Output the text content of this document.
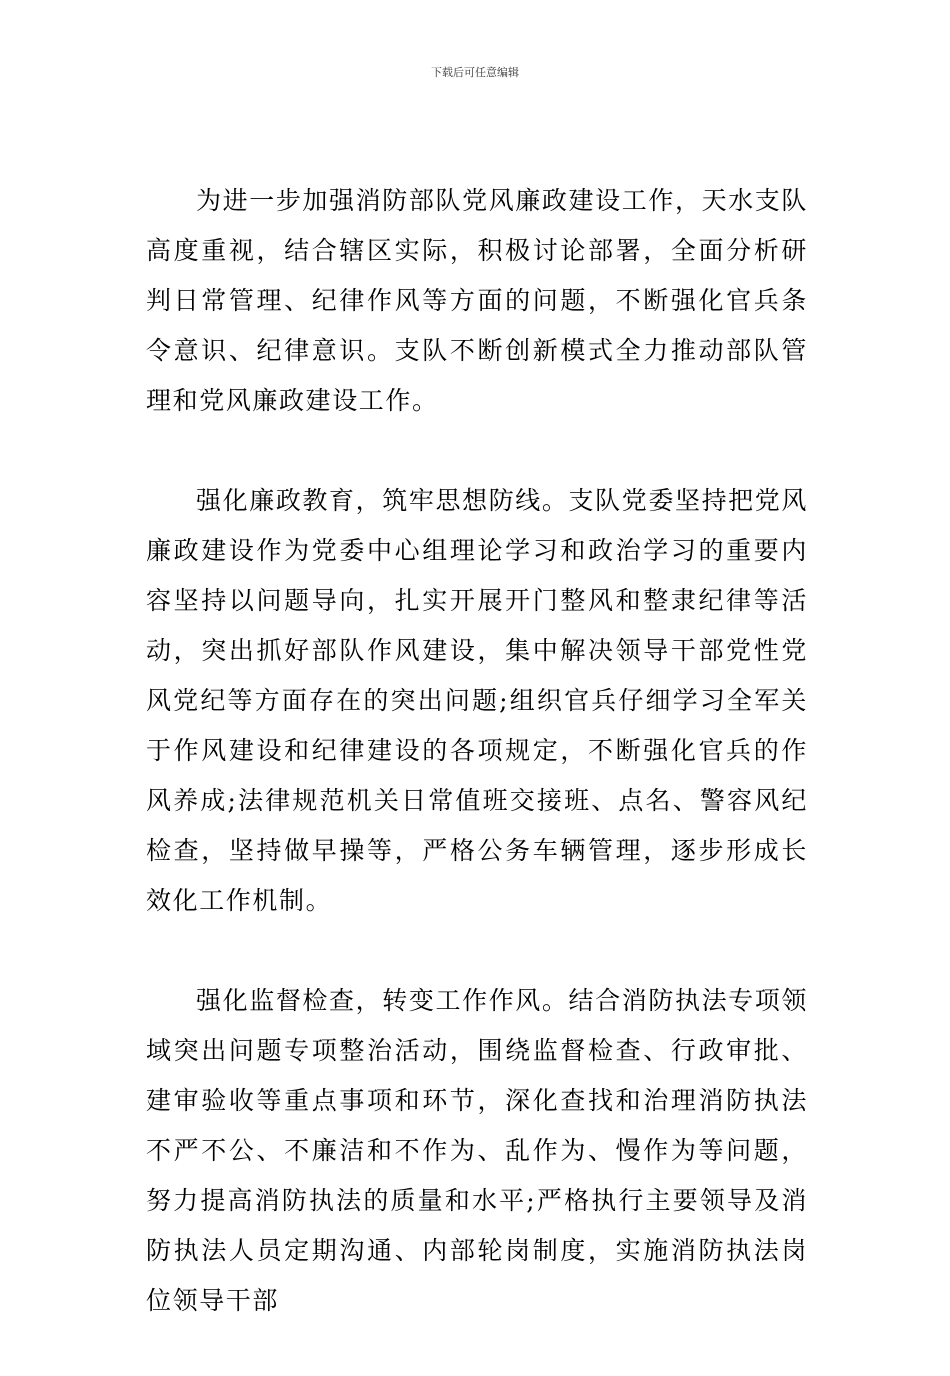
下载后可任意编辑

为进一步加强消防部队党风廉政建设工作，天水支队高度重视，结合辖区实际，积极讨论部署，全面分析研判日常管理、纪律作风等方面的问题，不断强化官兵条令意识、纪律意识。支队不断创新模式全力推动部队管理和党风廉政建设工作。

强化廉政教育，筑牢思想防线。支队党委坚持把党风廉政建设作为党委中心组理论学习和政治学习的重要内容坚持以问题导向，扎实开展开门整风和整隶纪律等活动，突出抓好部队作风建设，集中解决领导干部党性党风党纪等方面存在的突出问题;组织官兵仔细学习全军关于作风建设和纪律建设的各项规定，不断强化官兵的作风养成;法律规范机关日常值班交接班、点名、警容风纪检查，坚持做早操等，严格公务车辆管理，逐步形成长效化工作机制。

强化监督检查，转变工作作风。结合消防执法专项领域突出问题专项整治活动，围绕监督检查、行政审批、建审验收等重点事项和环节，深化查找和治理消防执法不严不公、不廉洁和不作为、乱作为、慢作为等问题，努力提高消防执法的质量和水平;严格执行主要领导及消防执法人员定期沟通、内部轮岗制度，实施消防执法岗位领导干部
